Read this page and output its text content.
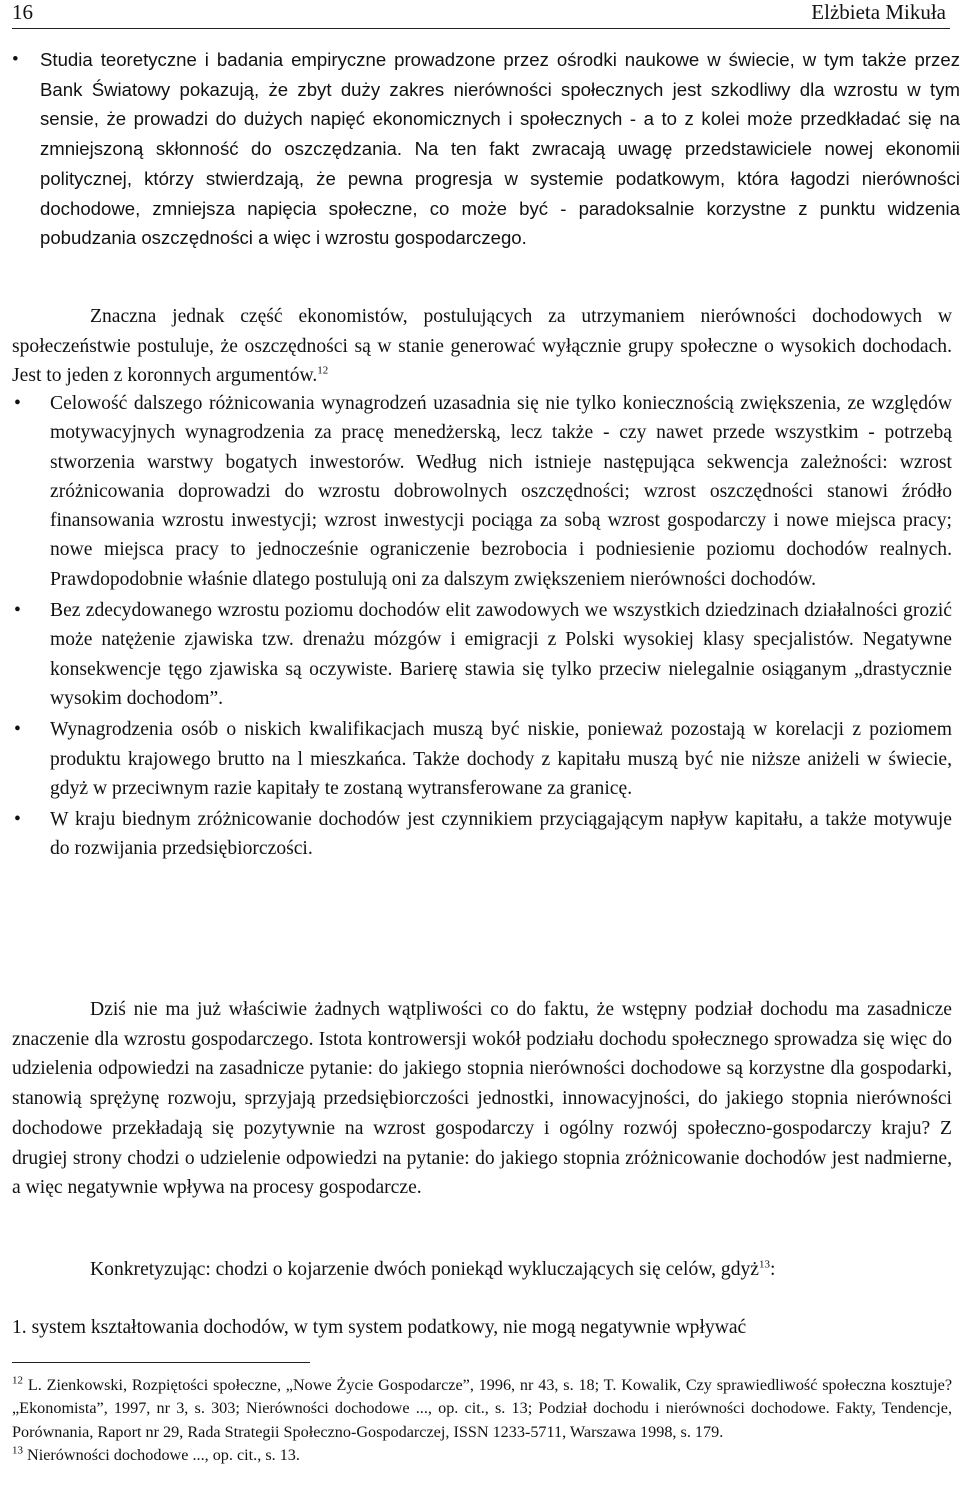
16	Elżbieta Mikuła
• Studia teoretyczne i badania empiryczne prowadzone przez ośrodki naukowe w świecie, w tym także przez Bank Światowy pokazują, że zbyt duży zakres nierówności społecznych jest szkodliwy dla wzrostu w tym sensie, że prowadzi do dużych napięć ekonomicznych i społecznych - a to z kolei może przedkładać się na zmniejszoną skłonność do oszczędzania. Na ten fakt zwracają uwagę przedstawiciele nowej ekonomii politycznej, którzy stwierdzają, że pewna progresja w systemie podatkowym, która łagodzi nierówności dochodowe, zmniejsza napięcia społeczne, co może być - paradoksalnie korzystne z punktu widzenia pobudzania oszczędności a więc i wzrostu gospodarczego.
Znaczna jednak część ekonomistów, postulujących za utrzymaniem nierówności dochodowych w społeczeństwie postuluje, że oszczędności są w stanie generować wyłącznie grupy społeczne o wysokich dochodach. Jest to jeden z koronnych argumentów.$^{12}$
• Celowość dalszego różnicowania wynagrodzeń uzasadnia się nie tylko koniecznością zwiększenia, ze względów motywacyjnych wynagrodzenia za pracę menedżerską, lecz także - czy nawet przede wszystkim - potrzebą stworzenia warstwy bogatych inwestorów. Według nich istnieje następująca sekwencja zależności: wzrost zróżnicowania doprowadzi do wzrostu dobrowolnych oszczędności; wzrost oszczędności stanowi źródło finansowania wzrostu inwestycji; wzrost inwestycji pociąga za sobą wzrost gospodarczy i nowe miejsca pracy; nowe miejsca pracy to jednocześnie ograniczenie bezrobocia i podniesienie poziomu dochodów realnych. Prawdopodobnie właśnie dlatego postulują oni za dalszym zwiększeniem nierówności dochodów.
• Bez zdecydowanego wzrostu poziomu dochodów elit zawodowych we wszystkich dziedzinach działalności grozić może natężenie zjawiska tzw. drenażu mózgów i emigracji z Polski wysokiej klasy specjalistów. Negatywne konsekwencje tęgo zjawiska są oczywiste. Barierę stawia się tylko przeciw nielegalnie osiąganym „drastycznie wysokim dochodom”.
• Wynagrodzenia osób o niskich kwalifikacjach muszą być niskie, ponieważ pozostają w korelacji z poziomem produktu krajowego brutto na l mieszkańca. Także dochody z kapitału muszą być nie niższe aniżeli w świecie, gdyż w przeciwnym razie kapitały te zostaną wytransferowane za granicę.
• W kraju biednym zróżnicowanie dochodów jest czynnikiem przyciągającym napływ kapitału, a także motywuje do rozwijania przedsiębiorczości.
Dziś nie ma już właściwie żadnych wątpliwości co do faktu, że wstępny podział dochodu ma zasadnicze znaczenie dla wzrostu gospodarczego. Istota kontrowersji wokół podziału dochodu społecznego sprowadza się więc do udzielenia odpowiedzi na zasadnicze pytanie: do jakiego stopnia nierówności dochodowe są korzystne dla gospodarki, stanowią sprężynę rozwoju, sprzyjają przedsiębiorczości jednostki, innowacyjności, do jakiego stopnia nierówności dochodowe przekładają się pozytywnie na wzrost gospodarczy i ogólny rozwój społeczno-gospodarczy kraju? Z drugiej strony chodzi o udzielenie odpowiedzi na pytanie: do jakiego stopnia zróżnicowanie dochodów jest nadmierne, a więc negatywnie wpływa na procesy gospodarcze.
Konkretyzując: chodzi o kojarzenie dwóch poniekąd wykluczających się celów, gdyż$^{13}$:
1. system kształtowania dochodów, w tym system podatkowy, nie mogą negatywnie wpływać
$^{12}$ L. Zienkowski, Rozpiętości społeczne, „Nowe Życie Gospodarcze”, 1996, nr 43, s. 18; T. Kowalik, Czy sprawiedliwość społeczna kosztuje? „Ekonomista”, 1997, nr 3, s. 303; Nierówności dochodowe ..., op. cit., s. 13; Podział dochodu i nierówności dochodowe. Fakty, Tendencje, Porównania, Raport nr 29, Rada Strategii Społeczno-Gospodarczej, ISSN 1233-5711, Warszawa 1998, s. 179.
$^{13}$ Nierówności dochodowe ..., op. cit., s. 13.
